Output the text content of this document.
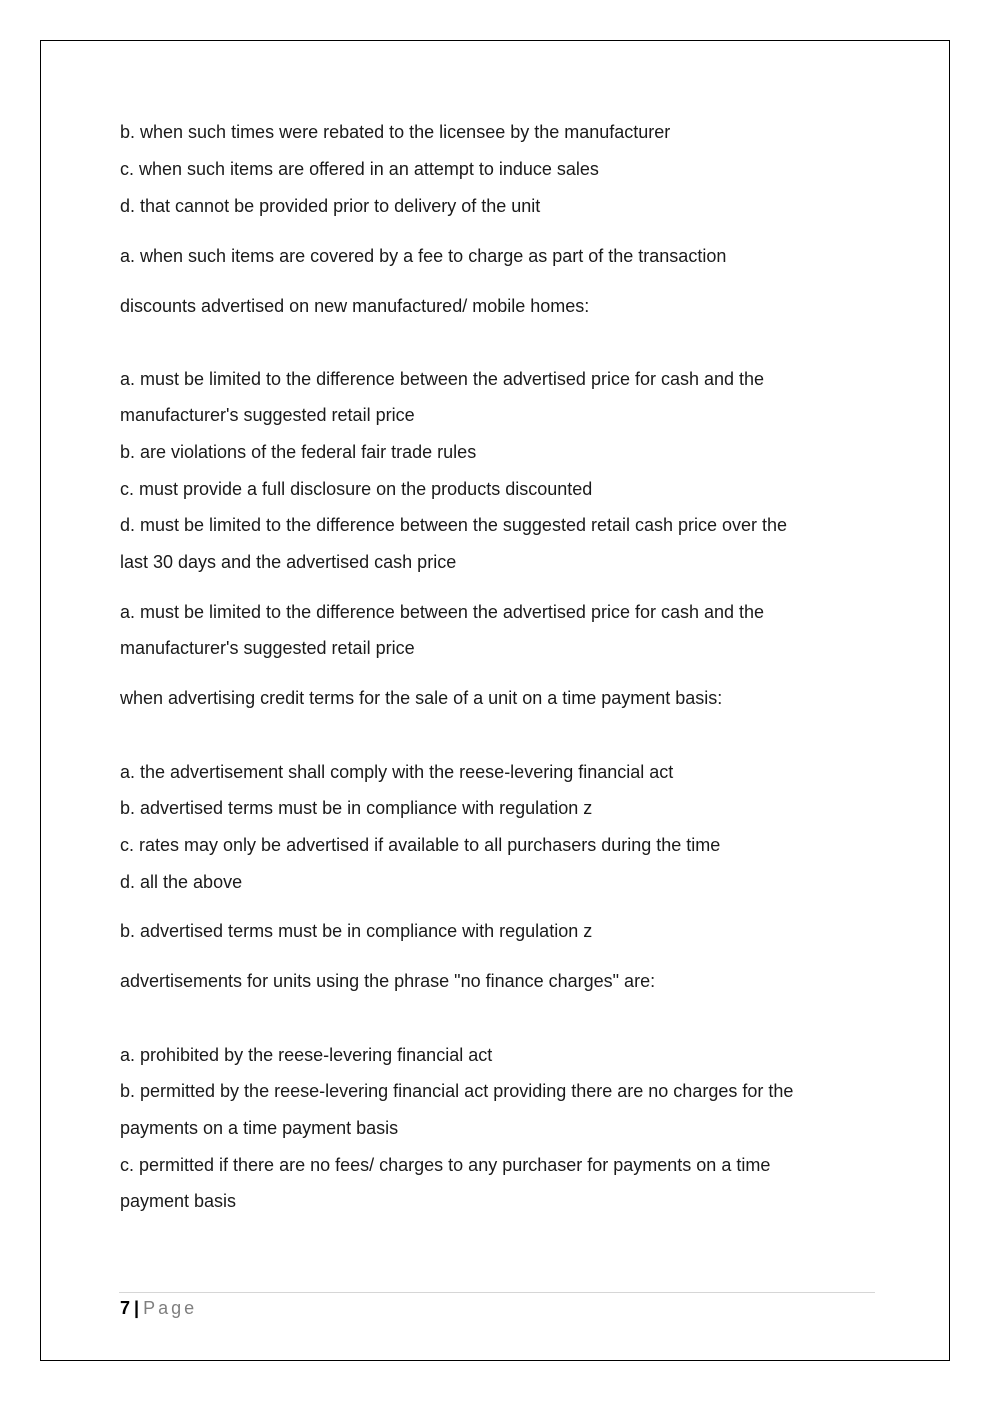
b. when such times were rebated to the licensee by the manufacturer
c. when such items are offered in an attempt to induce sales
d. that cannot be provided prior to delivery of the unit
a. when such items are covered by a fee to charge as part of the transaction
discounts advertised on new manufactured/ mobile homes:
a. must be limited to the difference between the advertised price for cash and the
manufacturer's suggested retail price
b. are violations of the federal fair trade rules
c. must provide a full disclosure on the products discounted
d. must be limited to the difference between the suggested retail cash price over the
last 30 days and the advertised cash price
a. must be limited to the difference between the advertised price for cash and the
manufacturer's suggested retail price
when advertising credit terms for the sale of a unit on a time payment basis:
a. the advertisement shall comply with the reese-levering financial act
b. advertised terms must be in compliance with regulation z
c. rates may only be advertised if available to all purchasers during the time
d. all the above
b. advertised terms must be in compliance with regulation z
advertisements for units using the phrase "no finance charges" are:
a. prohibited by the reese-levering financial act
b. permitted by the reese-levering financial act providing there are no charges for the
payments on a time payment basis
c. permitted if there are no fees/ charges to any purchaser for payments on a time
payment basis
7 | Page
